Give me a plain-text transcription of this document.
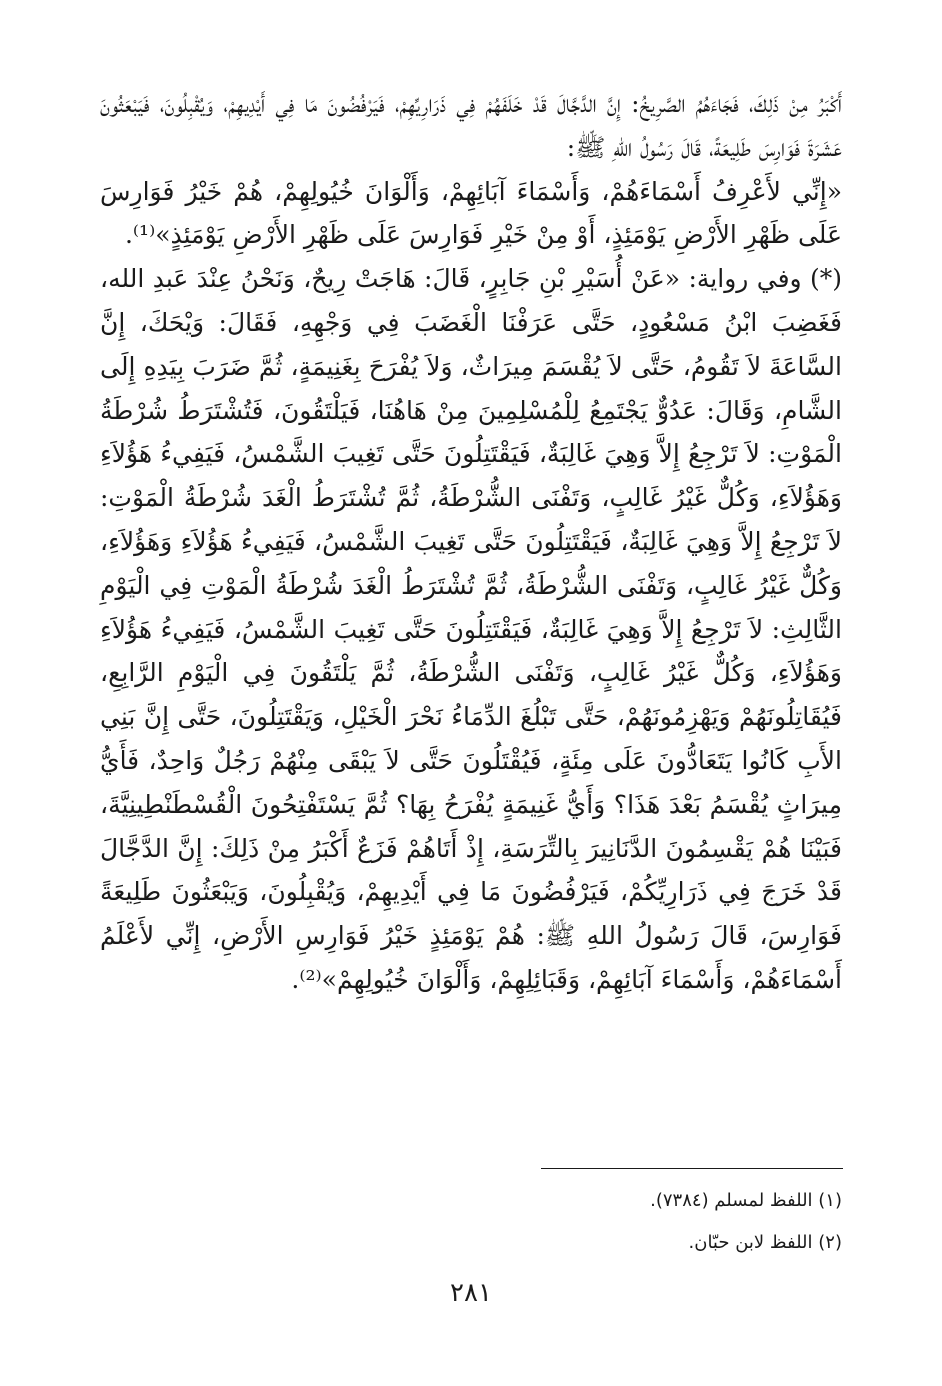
أَكْبَرُ مِنْ ذَلِكَ، فَجَاءَهُمُ الصَّرِيخُ: إِنَّ الدَّجَّالَ قَدْ خَلَفَهُمْ فِي ذَرَارِيِّهِمْ، فَيَرْفُضُونَ مَا فِي أَيْدِيهِمْ، وَيُقْبِلُونَ، فَيَبْعَثُونَ عَشَرَةَ فَوَارِسَ طَلِيعَةً، قَالَ رَسُولُ اللهِ ﷺ:

«إِنِّي لأَعْرِفُ أَسْمَاءَهُمْ، وَأَسْمَاءَ آبَائِهِمْ، وَأَلْوَانَ خُيُولِهِمْ، هُمْ خَيْرُ فَوَارِسَ عَلَى ظَهْرِ الأَرْضِ يَوْمَئِذٍ، أَوْ مِنْ خَيْرِ فَوَارِسَ عَلَى ظَهْرِ الأَرْضِ يَوْمَئِذٍ»⁽¹⁾.

(*) وفي رواية: «عَنْ أُسَيْرِ بْنِ جَابِرٍ، قَالَ: هَاجَتْ رِيحٌ، وَنَحْنُ عِنْدَ عَبدِ الله، فَغَضِبَ ابْنُ مَسْعُودٍ، حَتَّى عَرَفْنَا الْغَضَبَ فِي وَجْهِهِ، فَقَالَ: وَيْحَكَ، إِنَّ السَّاعَةَ لاَ تَقُومُ، حَتَّى لاَ يُقْسَمَ مِيرَاثٌ، وَلاَ يُفْرَحَ بِغَنِيمَةٍ، ثُمَّ ضَرَبَ بِيَدِهِ إِلَى الشَّامِ، وَقَالَ: عَدُوٌّ يَجْتَمِعُ لِلْمُسْلِمِينَ مِنْ هَاهُنَا، فَيَلْتَقُونَ، فَتُشْتَرَطُ شُرْطَةُ الْمَوْتِ: لاَ تَرْجِعُ إِلاَّ وَهِيَ غَالِبَةٌ، فَيَقْتَتِلُونَ حَتَّى تَغِيبَ الشَّمْسُ، فَيَفِيءُ هَؤُلاَءِ وَهَؤُلاَءِ، وَكُلٌّ غَيْرُ غَالِبٍ، وَتَفْنَى الشُّرْطَةُ، ثُمَّ تُشْتَرَطُ الْغَدَ شُرْطَةُ الْمَوْتِ: لاَ تَرْجِعُ إِلاَّ وَهِيَ غَالِبَةٌ، فَيَقْتَتِلُونَ حَتَّى تَغِيبَ الشَّمْسُ، فَيَفِيءُ هَؤُلاَءِ وَهَؤُلاَءِ، وَكُلٌّ غَيْرُ غَالِبٍ، وَتَفْنَى الشُّرْطَةُ، ثُمَّ تُشْتَرَطُ الْغَدَ شُرْطَةُ الْمَوْتِ فِي الْيَوْمِ الثَّالِثِ: لاَ تَرْجِعُ إِلاَّ وَهِيَ غَالِبَةٌ، فَيَقْتَتِلُونَ حَتَّى تَغِيبَ الشَّمْسُ، فَيَفِيءُ هَؤُلاَءِ وَهَؤُلاَءِ، وَكُلٌّ غَيْرُ غَالِبٍ، وَتَفْنَى الشُّرْطَةُ، ثُمَّ يَلْتَقُونَ فِي الْيَوْمِ الرَّابِعِ، فَيُقَاتِلُونَهُمْ وَيَهْزِمُونَهُمْ، حَتَّى تَبْلُغَ الدِّمَاءُ نَحْرَ الْخَيْلِ، وَيَقْتَتِلُونَ، حَتَّى إِنَّ بَنِي الأَبِ كَانُوا يَتَعَادُّونَ عَلَى مِئَةٍ، فَيُقْتَلُونَ حَتَّى لاَ يَبْقَى مِنْهُمْ رَجُلٌ وَاحِدٌ، فَأَيُّ مِيرَاثٍ يُقْسَمُ بَعْدَ هَذَا؟ وَأَيُّ غَنِيمَةٍ يُفْرَحُ بِهَا؟ ثُمَّ يَسْتَفْتِحُونَ الْقُسْطَنْطِينِيَّةَ، فَبَيْنَا هُمْ يَقْسِمُونَ الدَّنَانِيرَ بِالتِّرَسَةِ، إِذْ أَتَاهُمْ فَزَعٌ أَكْبَرُ مِنْ ذَلِكَ: إِنَّ الدَّجَّالَ قَدْ خَرَجَ فِي ذَرَارِيِّكُمْ، فَيَرْفُضُونَ مَا فِي أَيْدِيهِمْ، وَيُقْبِلُونَ، وَيَبْعَثُونَ طَلِيعَةً فَوَارِسَ، قَالَ رَسُولُ اللهِ ﷺ: هُمْ يَوْمَئِذٍ خَيْرُ فَوَارِسِ الأَرْضِ، إِنِّي لأَعْلَمُ أَسْمَاءَهُمْ، وَأَسْمَاءَ آبَائِهِمْ، وَقَبَائِلِهِمْ، وَأَلْوَانَ خُيُولِهِمْ»⁽²⁾.

(١) اللفظ لمسلم (٧٣٨٤).

(٢) اللفظ لابن حبّان.

٢٨١
